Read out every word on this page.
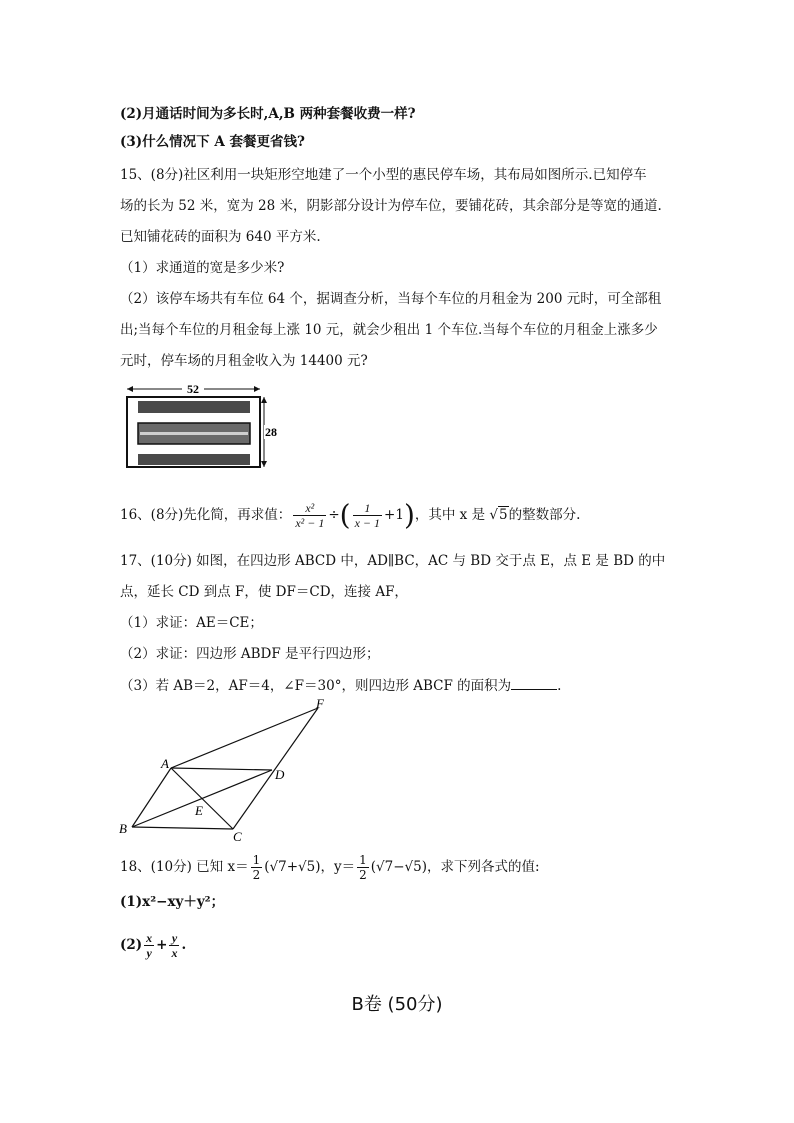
(2)月通话时间为多长时,A,B 两种套餐收费一样?
(3)什么情况下 A 套餐更省钱?
15、(8分)社区利用一块矩形空地建了一个小型的惠民停车场，其布局如图所示.已知停车
场的长为 52 米，宽为 28 米，阴影部分设计为停车位，要铺花砖，其余部分是等宽的通道.
已知铺花砖的面积为 640 平方米.
（1）求通道的宽是多少米?
（2）该停车场共有车位 64 个，据调查分析，当每个车位的月租金为 200 元时，可全部租
出;当每个车位的月租金每上涨 10 元，就会少租出 1 个车位.当每个车位的月租金上涨多少
元时，停车场的月租金收入为 14400 元?
52
28
16、(8分)先化简，再求值： $\frac{\text{x²}}{\text{x² − 1}}$ ÷( $\frac{1}{x - 1} +1$)，其中 x 是 √5的整数部分.
17、(10分) 如图，在四边形 ABCD 中，AD∥BC，AC 与 BD 交于点 E，点 E 是 BD 的中
点，延长 CD 到点 F，使 DF＝CD，连接 AF，
（1）求证：AE＝CE；
（2）求证：四边形 ABDF 是平行四边形；
（3）若 AB＝2，AF＝4，∠F＝30°，则四边形 ABCF 的面积为	.
A
B
C
D
E
F
18、(10分) 已知 $x= \frac{1}{2} (√7+√5)$，$y= \frac{1}{2} (√7-√5)$，求下列各式的值:
(1)x²−xy＋y²；
$(2) \frac{x}{y} + \frac{y}{x}$ .
B卷 (50分)
